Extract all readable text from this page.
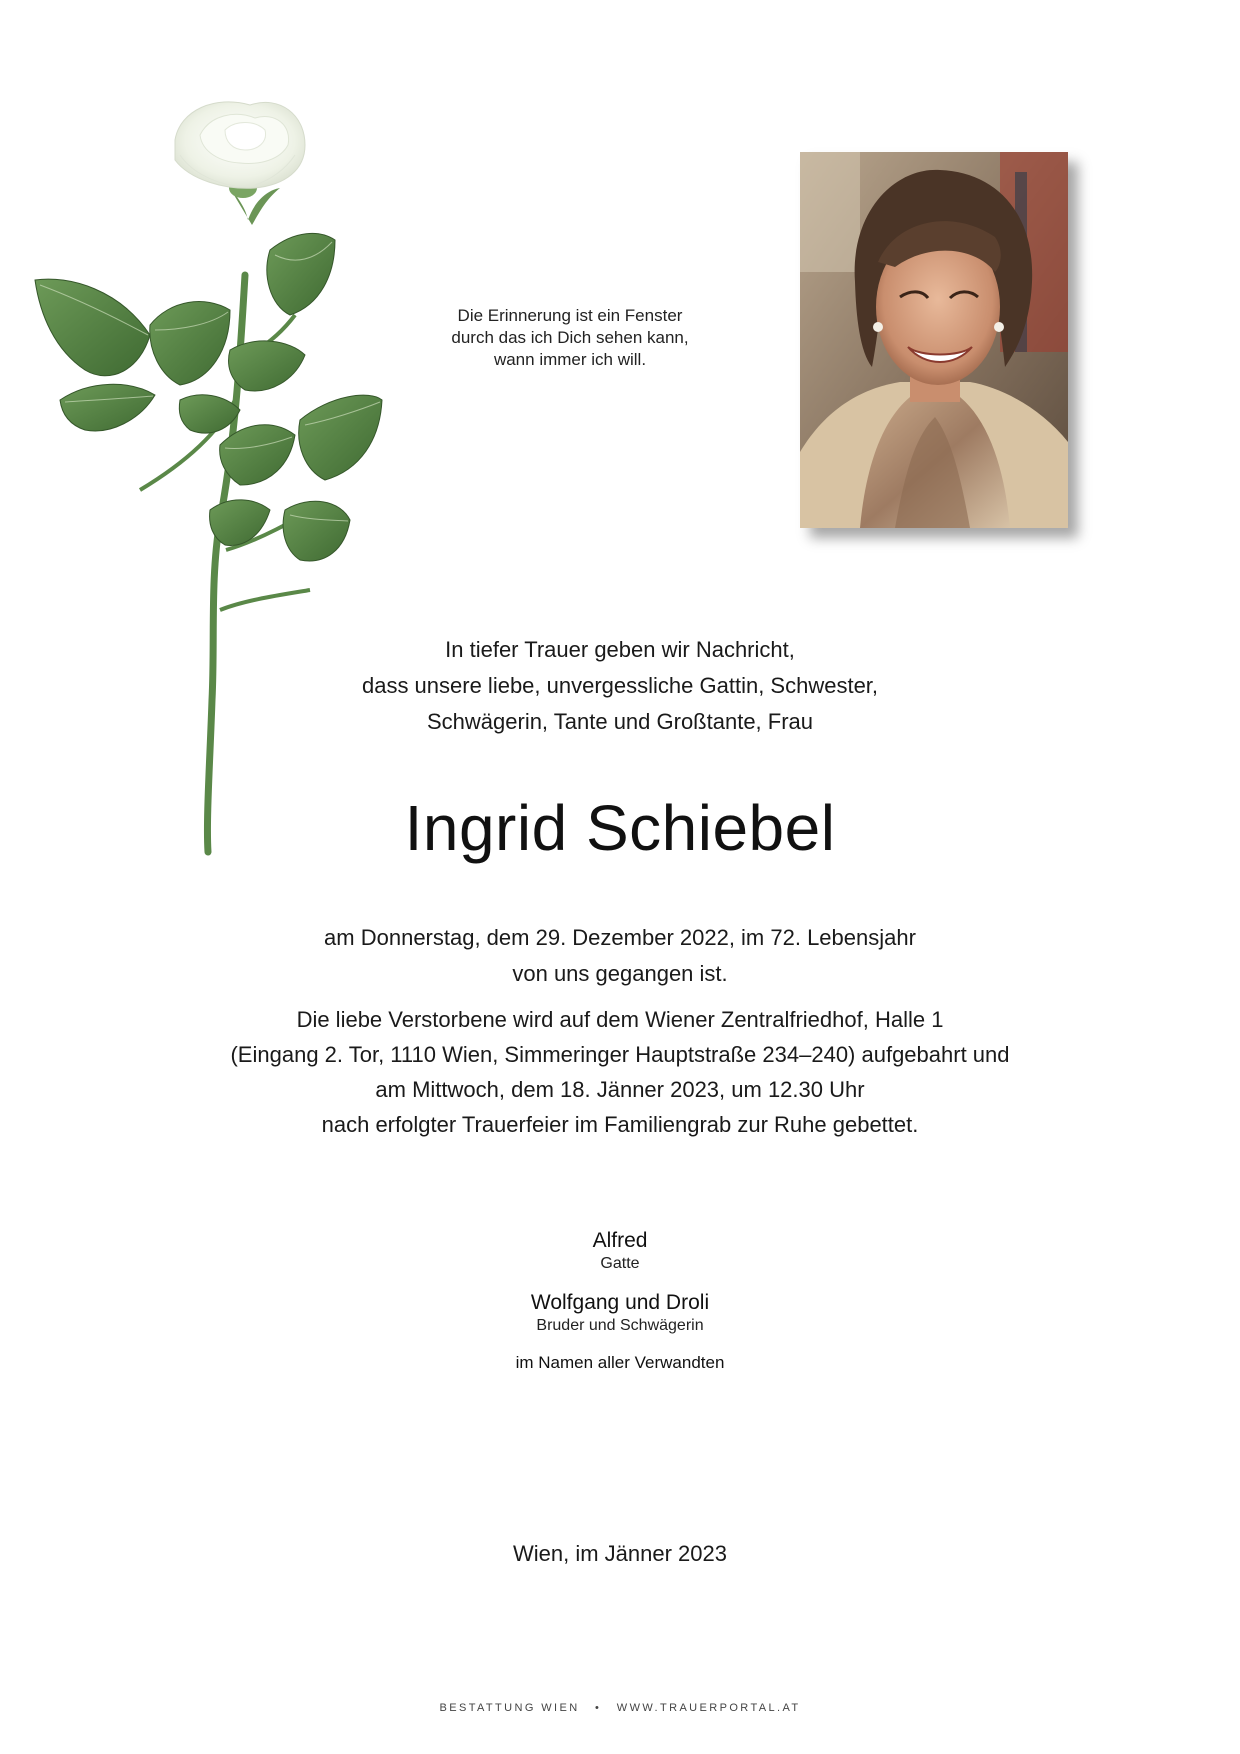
Die Erinnerung ist ein Fenster
durch das ich Dich sehen kann,
wann immer ich will.
In tiefer Trauer geben wir Nachricht,
dass unsere liebe, unvergessliche Gattin, Schwester,
Schwägerin, Tante und Großtante, Frau
Ingrid Schiebel
am Donnerstag, dem 29. Dezember 2022, im 72. Lebensjahr
von uns gegangen ist.
Die liebe Verstorbene wird auf dem Wiener Zentralfriedhof, Halle 1
(Eingang 2. Tor, 1110 Wien, Simmeringer Hauptstraße 234–240) aufgebahrt und
am Mittwoch, dem 18. Jänner 2023, um 12.30 Uhr
nach erfolgter Trauerfeier im Familiengrab zur Ruhe gebettet.
Alfred
Gatte
Wolfgang und Droli
Bruder und Schwägerin
im Namen aller Verwandten
Wien, im Jänner 2023
BESTATTUNG WIEN • WWW.TRAUERPORTAL.AT
